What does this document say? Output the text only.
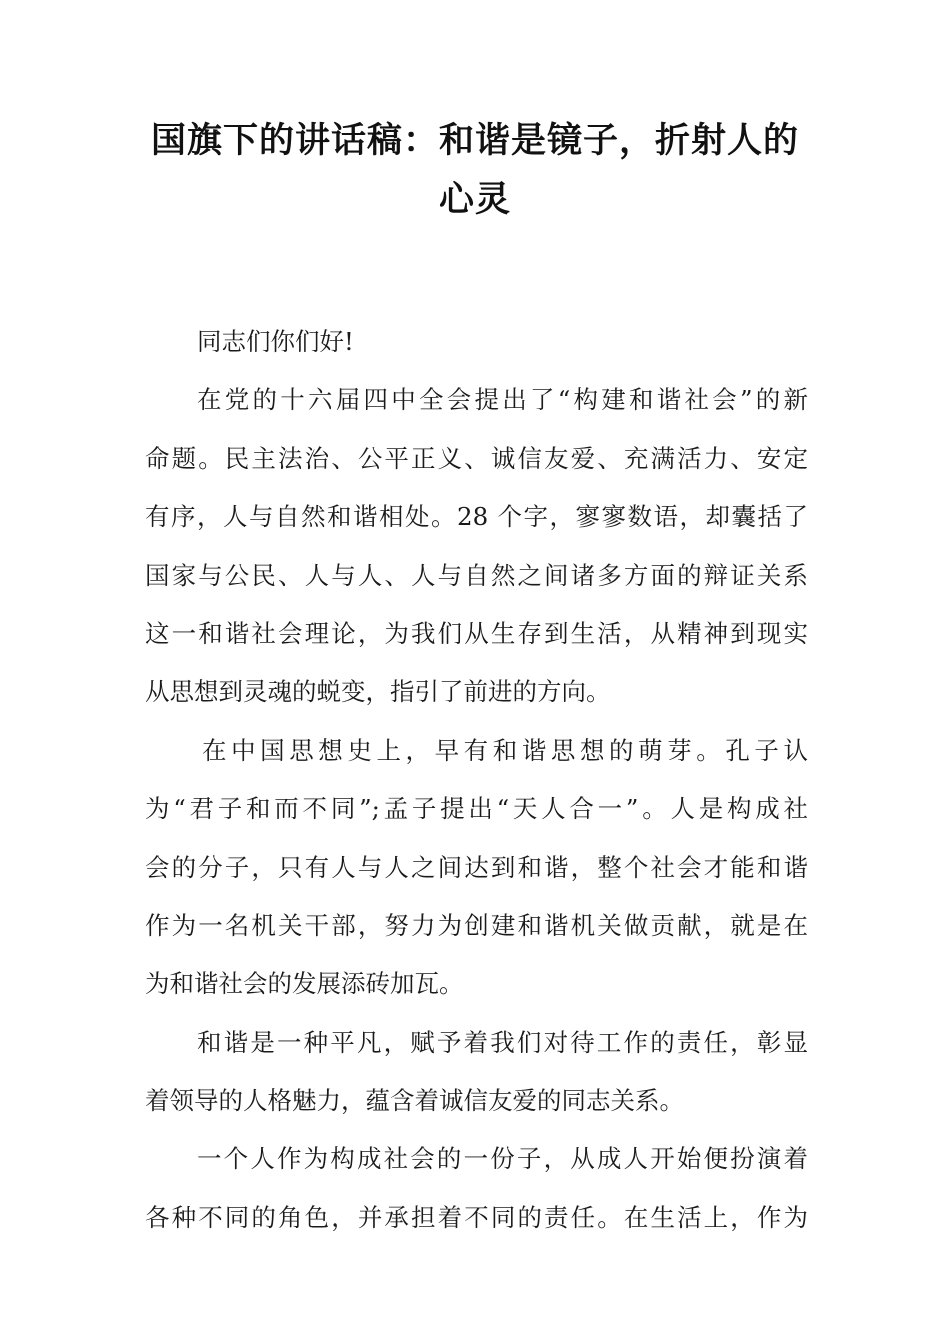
国旗下的讲话稿：和谐是镜子，折射人的
心灵
同志们你们好!
在党的十六届四中全会提出了“构建和谐社会”的新
命题。民主法治、公平正义、诚信友爱、充满活力、安定
有序，人与自然和谐相处。28 个字，寥寥数语，却囊括了
国家与公民、人与人、人与自然之间诸多方面的辩证关系
这一和谐社会理论，为我们从生存到生活，从精神到现实
从思想到灵魂的蜕变，指引了前进的方向。
在中国思想史上，早有和谐思想的萌芽。孔子认
为“君子和而不同”;孟子提出“天人合一”。人是构成社
会的分子，只有人与人之间达到和谐，整个社会才能和谐
作为一名机关干部，努力为创建和谐机关做贡献，就是在
为和谐社会的发展添砖加瓦。
和谐是一种平凡，赋予着我们对待工作的责任，彰显
着领导的人格魅力，蕴含着诚信友爱的同志关系。
一个人作为构成社会的一份子，从成人开始便扮演着
各种不同的角色，并承担着不同的责任。在生活上，作为
